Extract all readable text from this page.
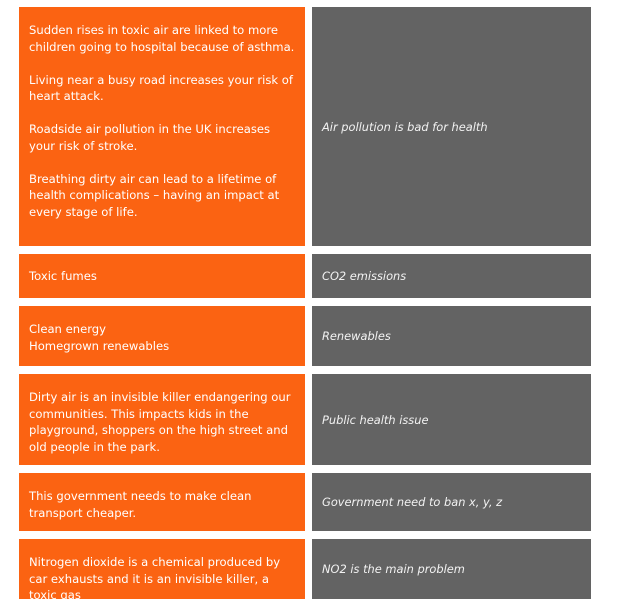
Sudden rises in toxic air are linked to more children going to hospital because of asthma.

Living near a busy road increases your risk of heart attack.

Roadside air pollution in the UK increases your risk of stroke.

Breathing dirty air can lead to a lifetime of health complications – having an impact at every stage of life.

Air pollution is bad for health

Toxic fumes	CO2 emissions
Clean energy
Homegrown renewables
Renewables

Dirty air is an invisible killer endangering our communities. This impacts kids in the playground, shoppers on the high street and old people in the park.

Public health issue

This government needs to make clean transport cheaper.

Government need to ban x, y, z

Nitrogen dioxide is a chemical produced by car exhausts and it is an invisible killer, a toxic gas

NO2 is the main problem
